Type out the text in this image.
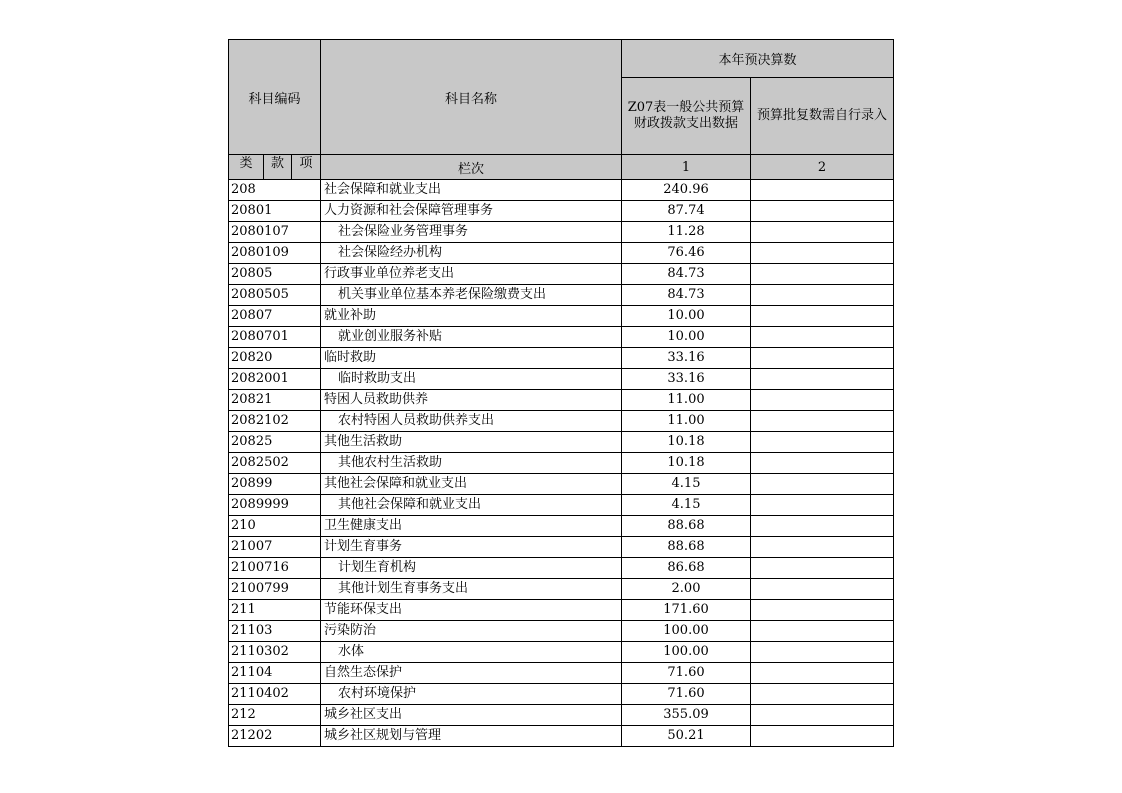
科目编码			科目名称	本年预决算数	
				Z07表一般公共预算财政拨款支出数据	预算批复数需自行录入
类	款	项	栏次	1	2
208			社会保障和就业支出	240.96	
20801			人力资源和社会保障管理事务	87.74	
2080107			社会保险业务管理事务	11.28	
2080109			社会保险经办机构	76.46	
20805			行政事业单位养老支出	84.73	
2080505			机关事业单位基本养老保险缴费支出	84.73	
20807			就业补助	10.00	
2080701			就业创业服务补贴	10.00	
20820			临时救助	33.16	
2082001			临时救助支出	33.16	
20821			特困人员救助供养	11.00	
2082102			农村特困人员救助供养支出	11.00	
20825			其他生活救助	10.18	
2082502			其他农村生活救助	10.18	
20899			其他社会保障和就业支出	4.15	
2089999			其他社会保障和就业支出	4.15	
210			卫生健康支出	88.68	
21007			计划生育事务	88.68	
2100716			计划生育机构	86.68	
2100799			其他计划生育事务支出	2.00	
211			节能环保支出	171.60	
21103			污染防治	100.00	
2110302			水体	100.00	
21104			自然生态保护	71.60	
2110402			农村环境保护	71.60	
212			城乡社区支出	355.09	
21202			城乡社区规划与管理	50.21	
